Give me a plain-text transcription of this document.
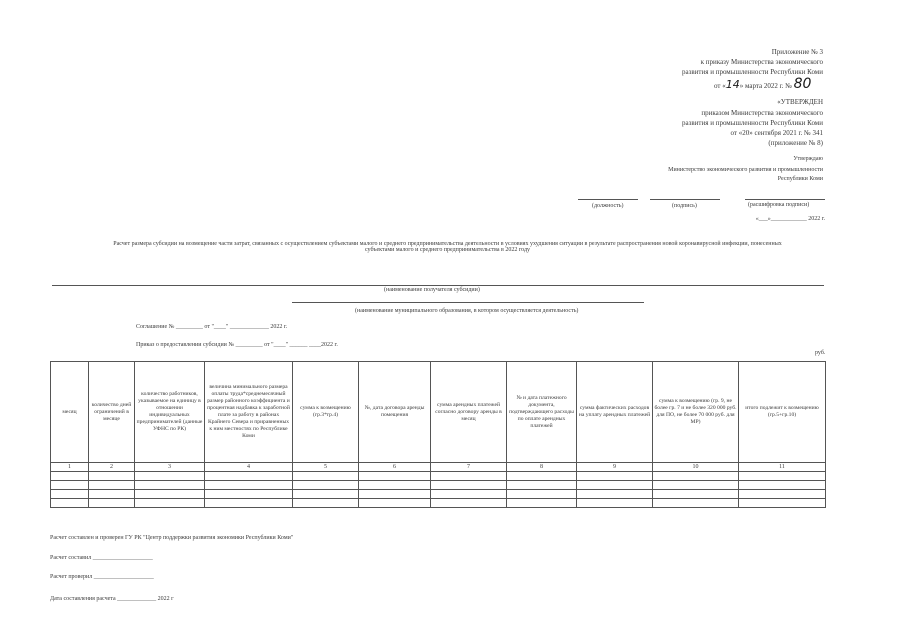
Приложение № 3
к приказу Министерства экономического
развития и промышленности Республики Коми
от «14» марта 2022 г. № 80
«УТВЕРЖДЕН
приказом Министерства экономического
развития и промышленности Республики Коми
от «20» сентября 2021 г. № 341
(приложение № 8)
Утверждаю
Министерство экономического развития и промышленности
Республики Коми
(должность)	(подпись)	(расшифровка подписи)
«___»____________ 2022 г.
Расчет размера субсидии на возмещение части затрат, связанных с осуществлением субъектами малого и среднего предпринимательства деятельности в условиях ухудшения ситуации в результате распространения новой коронавирусной инфекции, понесенных
субъектами малого и среднего предпринимательства в 2022 году
(наименование получателя субсидии)
(наименование муниципального образования, в котором осуществляется деятельность)
Соглашение № _________ от "____" _____________ 2022 г.
Приказ о предоставлении субсидии № _________ от "____" ______ ____2022 г.
руб.
месяц	количество дней ограничений в месяце	количество работников, указываемое на единицу в отношении индивидуальных предпринимателей (данные УФНС по РК)	величина минимального размера оплаты труда*среднемесячный размер районного коэффициента и процентная надбавка к заработной плате за работу в районах Крайнего Севера и приравненных к ним местностях по Республике Коми	сумма к возмещению (гр.3*гр.4)	№, дата договора аренды помещения	сумма арендных платежей согласно договору аренды в месяц	№ и дата платежного документа, подтверждающего расходы по оплате арендных платежей	сумма фактических расходов на уплату арендных платежей	сумма к возмещению (гр. 9, не более гр. 7 и не более 320 000 руб. для ПО, не более 70 000 руб. для МР)	итого подлежит к возмещению (гр.5+гр.10)
1	2	3	4	5	6	7	8	9	10	11

Расчет составлен и проверен ГУ РК "Центр поддержки развития экономики Республики Коми"
Расчет составил ____________________
Расчет проверил ____________________
Дата составления расчета _____________ 2022 г
